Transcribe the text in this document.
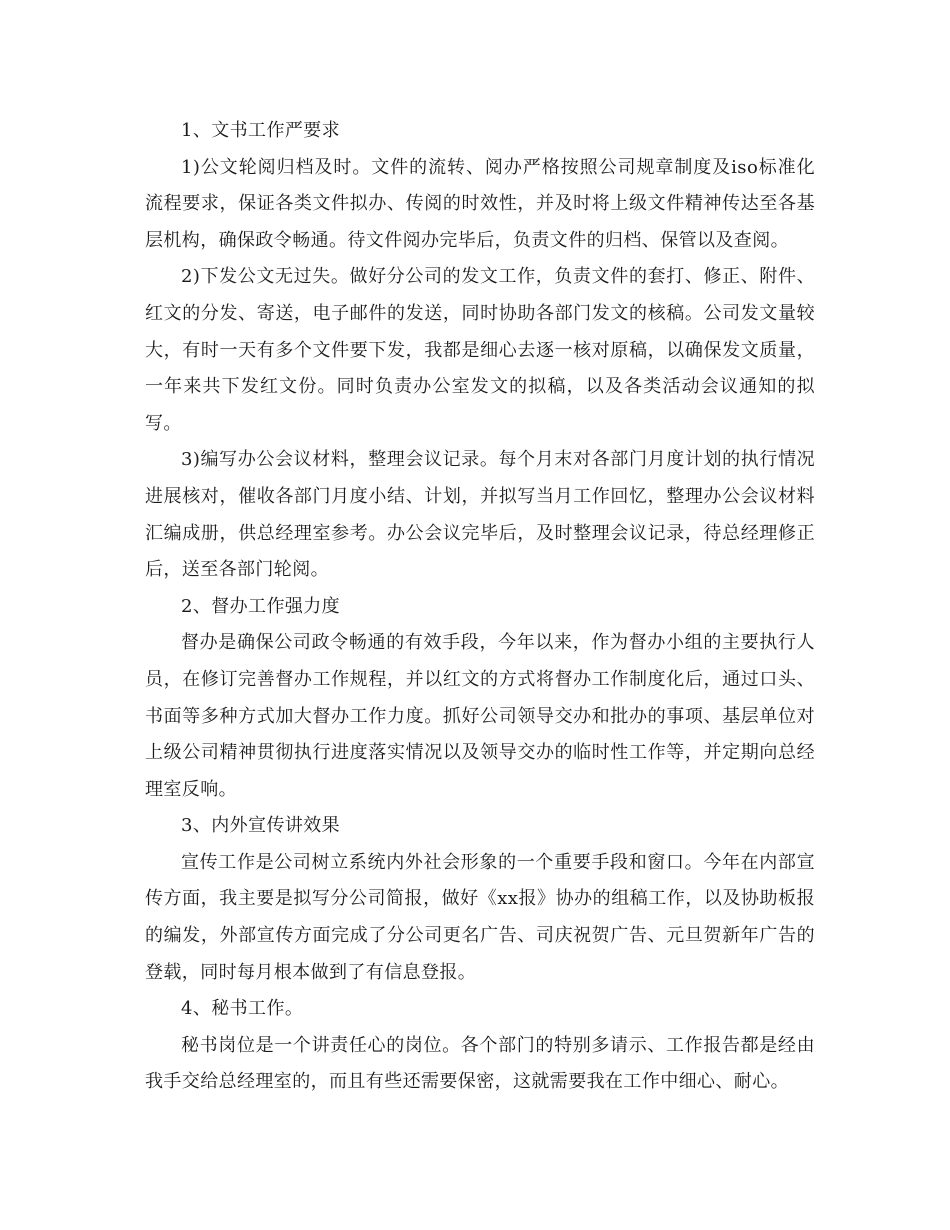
1、文书工作严要求

1)公文轮阅归档及时。文件的流转、阅办严格按照公司规章制度及iso标准化流程要求，保证各类文件拟办、传阅的时效性，并及时将上级文件精神传达至各基层机构，确保政令畅通。待文件阅办完毕后，负责文件的归档、保管以及查阅。

2)下发公文无过失。做好分公司的发文工作，负责文件的套打、修正、附件、红文的分发、寄送，电子邮件的发送，同时协助各部门发文的核稿。公司发文量较大，有时一天有多个文件要下发，我都是细心去逐一核对原稿，以确保发文质量，一年来共下发红文份。同时负责办公室发文的拟稿，以及各类活动会议通知的拟写。

3)编写办公会议材料，整理会议记录。每个月末对各部门月度计划的执行情况进展核对，催收各部门月度小结、计划，并拟写当月工作回忆，整理办公会议材料汇编成册，供总经理室参考。办公会议完毕后，及时整理会议记录，待总经理修正后，送至各部门轮阅。

2、督办工作强力度

督办是确保公司政令畅通的有效手段，今年以来，作为督办小组的主要执行人员，在修订完善督办工作规程，并以红文的方式将督办工作制度化后，通过口头、书面等多种方式加大督办工作力度。抓好公司领导交办和批办的事项、基层单位对上级公司精神贯彻执行进度落实情况以及领导交办的临时性工作等，并定期向总经理室反响。

3、内外宣传讲效果

宣传工作是公司树立系统内外社会形象的一个重要手段和窗口。今年在内部宣传方面，我主要是拟写分公司简报，做好《xx报》协办的组稿工作，以及协助板报的编发，外部宣传方面完成了分公司更名广告、司庆祝贺广告、元旦贺新年广告的登载，同时每月根本做到了有信息登报。

4、秘书工作。

秘书岗位是一个讲责任心的岗位。各个部门的特别多请示、工作报告都是经由我手交给总经理室的，而且有些还需要保密，这就需要我在工作中细心、耐心。
